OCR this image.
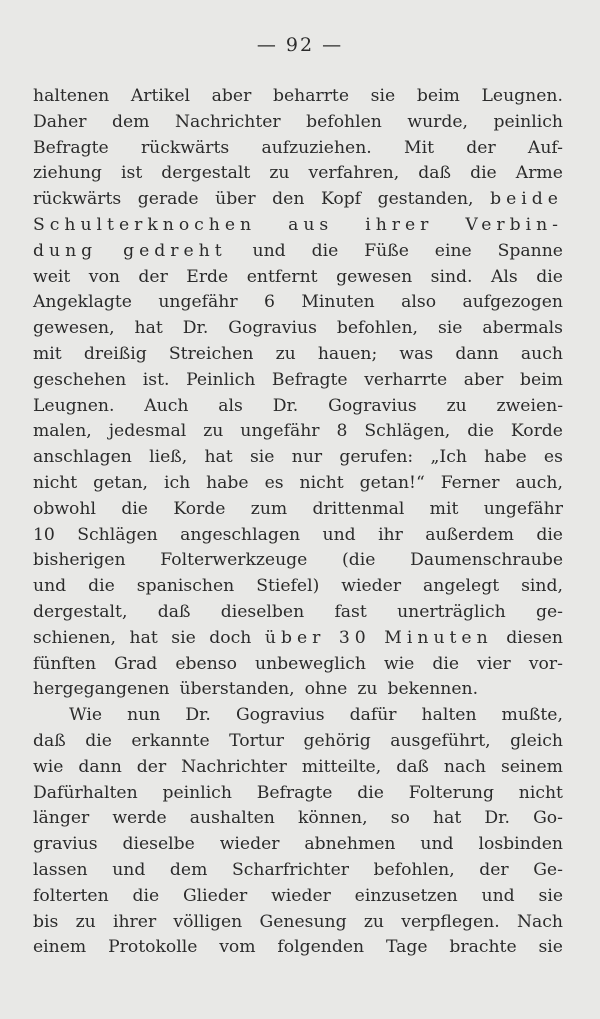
— 92 —
haltenen Artikel aber beharrte sie beim Leugnen.
Daher dem Nachrichter befohlen wurde, peinlich
Befragte rückwärts aufzuziehen. Mit der Auf-
ziehung ist dergestalt zu verfahren, daß die Arme
rückwärts gerade über den Kopf gestanden, beide
Schulterknochen aus ihrer Verbin-
dung gedreht und die Füße eine Spanne
weit von der Erde entfernt gewesen sind. Als die
Angeklagte ungefähr 6 Minuten also aufgezogen
gewesen, hat Dr. Gogravius befohlen, sie abermals
mit dreißig Streichen zu hauen; was dann auch
geschehen ist. Peinlich Befragte verharrte aber beim
Leugnen. Auch als Dr. Gogravius zu zweien-
malen, jedesmal zu ungefähr 8 Schlägen, die Korde
anschlagen ließ, hat sie nur gerufen: „Ich habe es
nicht getan, ich habe es nicht getan!“ Ferner auch,
obwohl die Korde zum drittenmal mit ungefähr
10 Schlägen angeschlagen und ihr außerdem die
bisherigen Folterwerkzeuge (die Daumenschraube
und die spanischen Stiefel) wieder angelegt sind,
dergestalt, daß dieselben fast unerträglich ge-
schienen, hat sie doch über 30 Minuten diesen
fünften Grad ebenso unbeweglich wie die vier vor-
hergegangenen überstanden, ohne zu bekennen.
Wie nun Dr. Gogravius dafür halten mußte,
daß die erkannte Tortur gehörig ausgeführt, gleich
wie dann der Nachrichter mitteilte, daß nach seinem
Dafürhalten peinlich Befragte die Folterung nicht
länger werde aushalten können, so hat Dr. Go-
gravius dieselbe wieder abnehmen und losbinden
lassen und dem Scharfrichter befohlen, der Ge-
folterten die Glieder wieder einzusetzen und sie
bis zu ihrer völligen Genesung zu verpflegen. Nach
einem Protokolle vom folgenden Tage brachte sie
